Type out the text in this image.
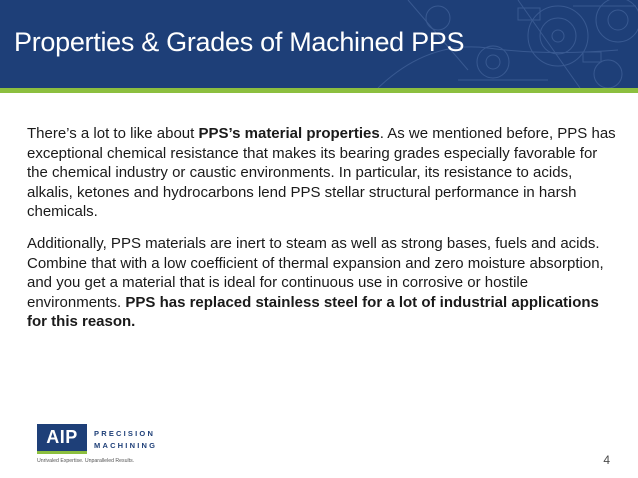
Properties & Grades of Machined PPS

There’s a lot to like about PPS’s material properties. As we mentioned before, PPS has exceptional chemical resistance that makes its bearing grades especially favorable for the chemical industry or caustic environments. In particular, its resistance to acids, alkalis, ketones and hydrocarbons lend PPS stellar structural performance in harsh chemicals.

Additionally, PPS materials are inert to steam as well as strong bases, fuels and acids. Combine that with a low coefficient of thermal expansion and zero moisture absorption, and you get a material that is ideal for continuous use in corrosive or hostile environments. PPS has replaced stainless steel for a lot of industrial applications for this reason.

AIP	PRECISION
MACHINING
Unrivaled Expertise. Unparalleled Results.	4
